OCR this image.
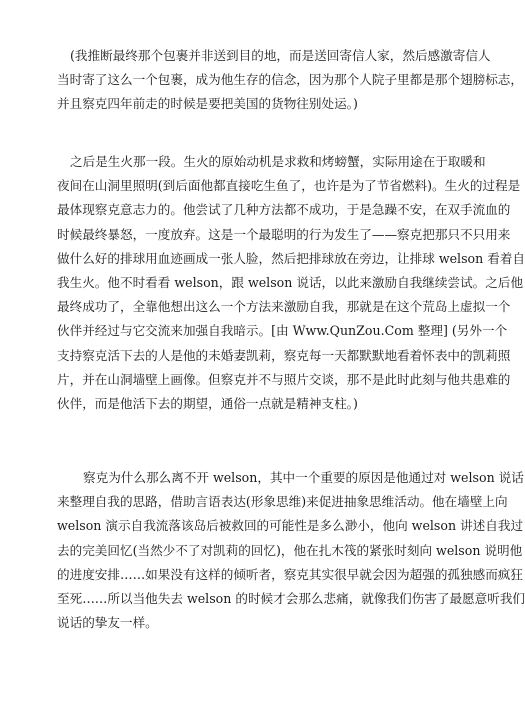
(我推断最终那个包裹并非送到目的地，而是送回寄信人家，然后感激寄信人
当时寄了这么一个包裹，成为他生存的信念，因为那个人院子里都是那个翅膀标志，
并且察克四年前走的时候是要把美国的货物往别处运。)
之后是生火那一段。生火的原始动机是求救和烤螃蟹，实际用途在于取暖和
夜间在山洞里照明(到后面他都直接吃生鱼了，也许是为了节省燃料)。生火的过程是
最体现察克意志力的。他尝试了几种方法都不成功，于是急躁不安，在双手流血的
时候最终暴怒，一度放弃。这是一个最聪明的行为发生了——察克把那只不只用来
做什么好的排球用血迹画成一张人脸，然后把排球放在旁边，让排球 welson 看着自
我生火。他不时看看 welson，跟 welson 说话，以此来激励自我继续尝试。之后他
最终成功了，全靠他想出这么一个方法来激励自我，那就是在这个荒岛上虚拟一个
伙伴并经过与它交流来加强自我暗示。[由 Www.QunZou.Com 整理] (另外一个
支持察克活下去的人是他的未婚妻凯莉，察克每一天都默默地看着怀表中的凯莉照
片，并在山洞墙壁上画像。但察克并不与照片交谈，那不是此时此刻与他共患难的
伙伴，而是他活下去的期望，通俗一点就是精神支柱。)
察克为什么那么离不开 welson，其中一个重要的原因是他通过对 welson 说话
来整理自我的思路，借助言语表达(形象思维)来促进抽象思维活动。他在墙壁上向
welson 演示自我流落该岛后被救回的可能性是多么渺小，他向 welson 讲述自我过
去的完美回忆(当然少不了对凯莉的回忆)，他在扎木筏的紧张时刻向 welson 说明他
的进度安排……如果没有这样的倾听者，察克其实很早就会因为超强的孤独感而疯狂
至死……所以当他失去 welson 的时候才会那么悲痛，就像我们伤害了最愿意听我们
说话的挚友一样。
